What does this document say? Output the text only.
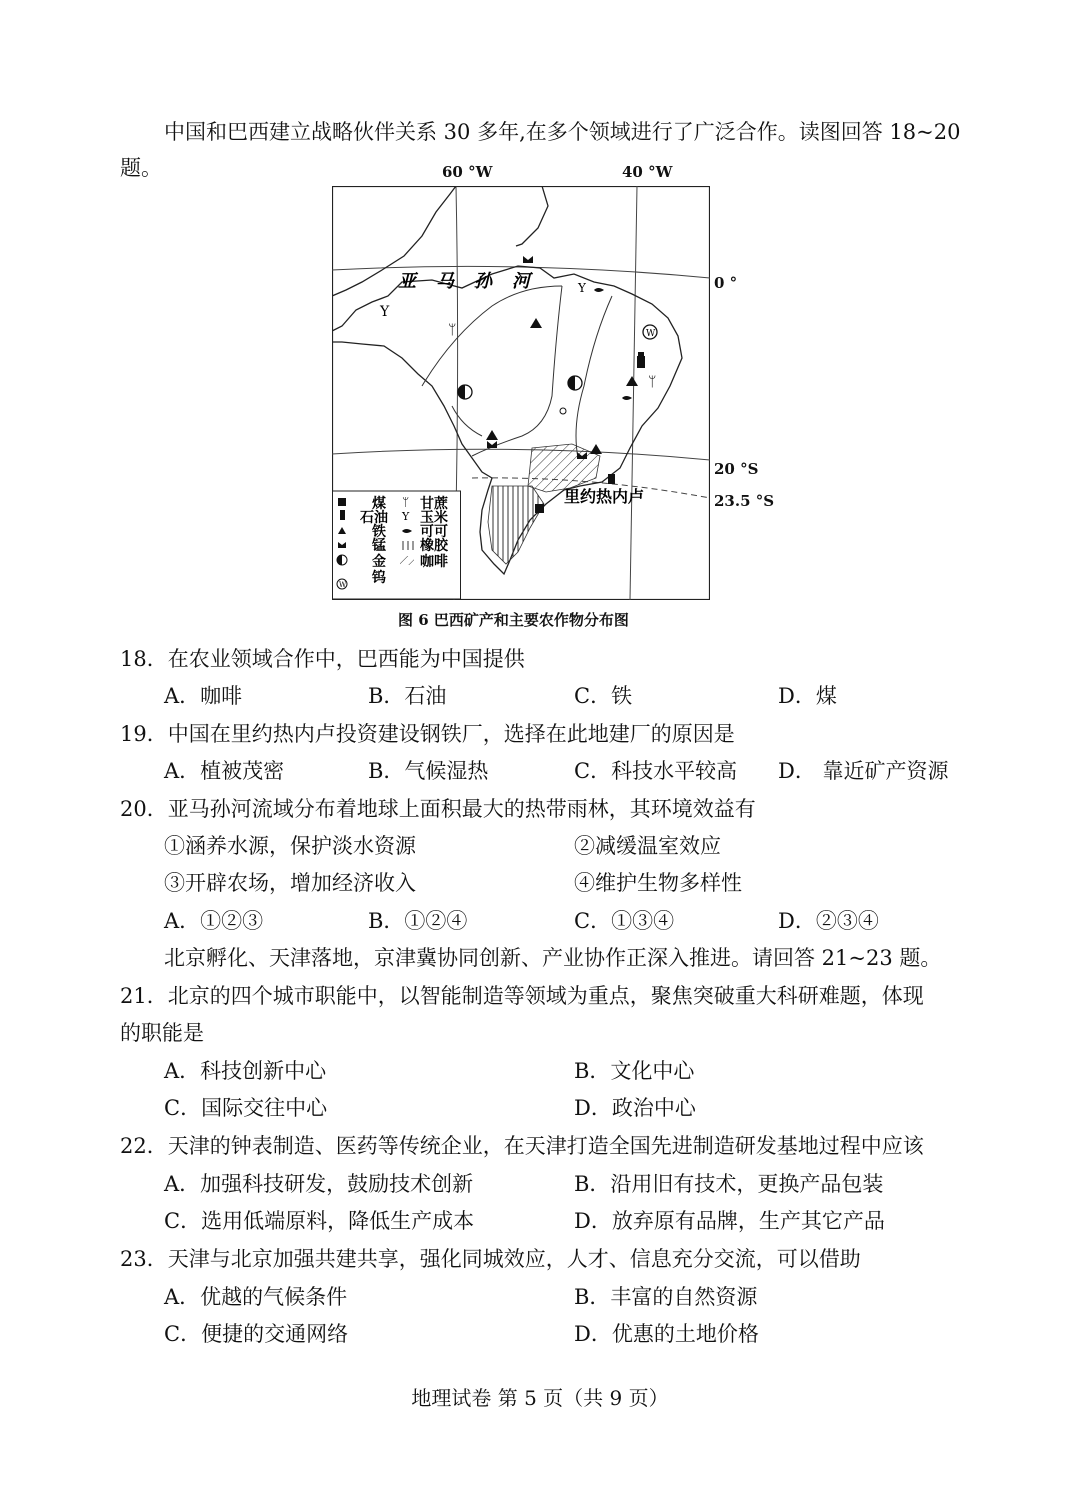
中国和巴西建立战略伙伴关系 30 多年,在多个领域进行了广泛合作。读图回答 18~20
题。	60 °W	40 °W
亚马孙河
里约热内卢
W
Y
ᛘ
ᛘ
Y
煤
石油
铁
锰
金
W 钨
ᛘ 甘蔗
Y 玉米
可可
橡胶
咖啡
0 °
20 °S
23.5 °S
图 6 巴西矿产和主要农作物分布图
18．在农业领域合作中，巴西能为中国提供
A．咖啡	B．石油	C．铁	D．煤
19．中国在里约热内卢投资建设钢铁厂，选择在此地建厂的原因是
A．植被茂密	B．气候湿热	C．科技水平较高 D． 靠近矿产资源
20．亚马孙河流域分布着地球上面积最大的热带雨林，其环境效益有
①涵养水源，保护淡水资源	②减缓温室效应
③开辟农场，增加经济收入	④维护生物多样性
A．①②③	B．①②④	C．①③④	D．②③④
北京孵化、天津落地，京津冀协同创新、产业协作正深入推进。请回答 21~23 题。
21．北京的四个城市职能中，以智能制造等领域为重点，聚焦突破重大科研难题，体现
的职能是
A．科技创新中心	B．文化中心
C．国际交往中心	D．政治中心
22．天津的钟表制造、医药等传统企业，在天津打造全国先进制造研发基地过程中应该
A．加强科技研发，鼓励技术创新	B．沿用旧有技术，更换产品包装
C．选用低端原料，降低生产成本	D．放弃原有品牌，生产其它产品
23．天津与北京加强共建共享，强化同城效应，人才、信息充分交流，可以借助
A．优越的气候条件	B．丰富的自然资源
C．便捷的交通网络	D．优惠的土地价格
地理试卷 第 5 页（共 9 页）
